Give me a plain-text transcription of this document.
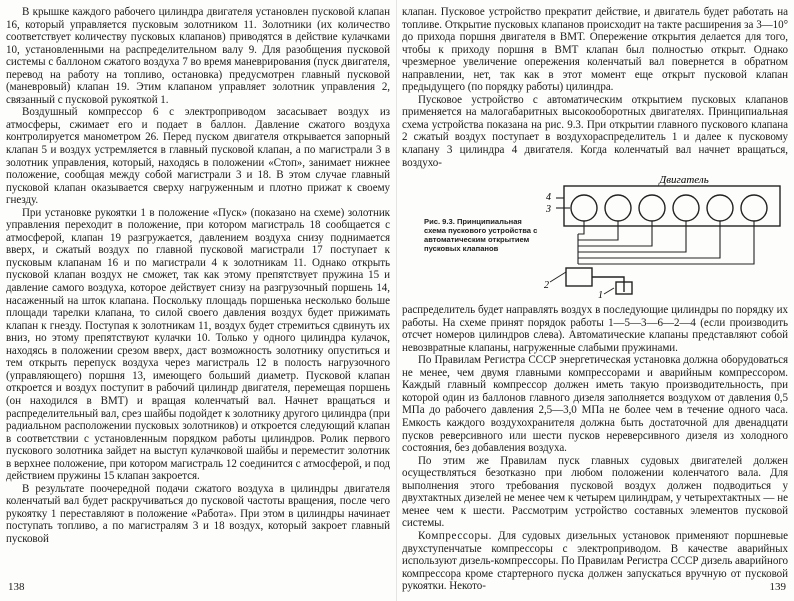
В крышке каждого рабочего цилиндра двигателя установлен пусковой клапан 16, который управляется пусковым золотником 11. Золотники (их количество соответствует количеству пусковых клапанов) приводятся в действие кулачками 10, установленными на распределительном валу 9. Для разобщения пусковой системы с баллоном сжатого воздуха 7 во время маневрирования (пуск двигателя, перевод на работу на топливо, остановка) предусмотрен главный пусковой (маневровый) клапан 19. Этим клапаном управляет золотник управления 2, связанный с пусковой рукояткой 1.

Воздушный компрессор 6 с электроприводом засасывает воздух из атмосферы, сжимает его и подает в баллон. Давление сжатого воздуха контролируется манометром 26. Перед пуском двигателя открывается запорный клапан 5 и воздух устремляется в главный пусковой клапан, а по магистрали 3 в золотник управления, который, находясь в положении «Стоп», занимает нижнее положение, сообщая между собой магистрали 3 и 18. В этом случае главный пусковой клапан оказывается сверху нагруженным и плотно прижат к своему гнезду.

При установке рукоятки 1 в положение «Пуск» (показано на схеме) золотник управления переходит в положение, при котором магистраль 18 сообщается с атмосферой, клапан 19 разгружается, давлением воздуха снизу поднимается вверх, и сжатый воздух по главной пусковой магистрали 17 поступает к пусковым клапанам 16 и по магистрали 4 к золотникам 11. Однако открыть пусковой клапан воздух не сможет, так как этому препятствует пружина 15 и давление самого воздуха, которое действует снизу на разгрузочный поршень 14, насаженный на шток клапана. Поскольку площадь поршенька несколько больше площади тарелки клапана, то силой своего давления воздух будет прижимать клапан к гнезду. Поступая к золотникам 11, воздух будет стремиться сдвинуть их вниз, но этому препятствуют кулачки 10. Только у одного цилиндра кулачок, находясь в положении срезом вверх, даст возможность золотнику опуститься и тем открыть перепуск воздуха через магистраль 12 в полость нагрузочного (управляющего) поршня 13, имеющего больший диаметр. Пусковой клапан откроется и воздух поступит в рабочий цилиндр двигателя, перемещая поршень (он находился в ВМТ) и вращая коленчатый вал. Начнет вращаться и распределительный вал, срез шайбы подойдет к золотнику другого цилиндра (при радиальном расположении пусковых золотников) и откроется следующий клапан в соответствии с установленным порядком работы цилиндров. Ролик первого пускового золотника зайдет на выступ кулачковой шайбы и переместит золотник в верхнее положение, при котором магистраль 12 соединится с атмосферой, и под действием пружины 15 клапан закроется.

В результате поочередной подачи сжатого воздуха в цилиндры двигателя коленчатый вал будет раскручиваться до пусковой частоты вращения, после чего рукоятку 1 переставляют в положение «Работа». При этом в цилиндры начинает поступать топливо, а по магистралям 3 и 18 воздух, который закроет главный пусковой

138

клапан. Пусковое устройство прекратит действие, и двигатель будет работать на топливе. Открытие пусковых клапанов происходит на такте расширения за 3—10° до прихода поршня двигателя в ВМТ. Опережение открытия делается для того, чтобы к приходу поршня в ВМТ клапан был полностью открыт. Однако чрезмерное увеличение опережения коленчатый вал повернется в обратном направлении, нет, так как в этот момент еще открыт пусковой клапан предыдущего (по порядку работы) цилиндра.

Пусковое устройство с автоматическим открытием пусковых клапанов применяется на малогабаритных высокооборотных двигателях. Принципиальная схема устройства показана на рис. 9.3. При открытии главного пускового клапана 2 сжатый воздух поступает в воздухораспределитель 1 и далее к пусковому клапану 3 цилиндра 4 двигателя. Когда коленчатый вал начнет вращаться, воздухо-

Рис. 9.3. Принципиальная схема пускового устройства с автоматическим открытием пусковых клапанов
Двигатель
4
3
2
1

распределитель будет направлять воздух в последующие цилиндры по порядку их работы. На схеме принят порядок работы 1—5—3—6—2—4 (если производить отсчет номеров цилиндров слева). Автоматические клапаны представляют собой невозвратные клапаны, нагруженные слабыми пружинами.

По Правилам Регистра СССР энергетическая установка должна оборудоваться не менее, чем двумя главными компрессорами и аварийным компрессором. Каждый главный компрессор должен иметь такую производительность, при которой один из баллонов главного дизеля заполняется воздухом от давления 0,5 МПа до рабочего давления 2,5—3,0 МПа не более чем в течение одного часа. Емкость каждого воздухохранителя должна быть достаточной для двенадцати пусков реверсивного или шести пусков нереверсивного дизеля из холодного состояния, без добавления воздуха.

По этим же Правилам пуск главных судовых двигателей должен осуществляться безотказно при любом положении коленчатого вала. Для выполнения этого требования пусковой воздух должен подводиться у двухтактных дизелей не менее чем к четырем цилиндрам, у четырехтактных — не менее чем к шести. Рассмотрим устройство составных элементов пусковой системы.

Компрессоры. Для судовых дизельных установок применяют поршневые двухступенчатые компрессоры с электроприводом. В качестве аварийных используют дизель-компрессоры. По Правилам Регистра СССР дизель аварийного компрессора кроме стартерного пуска должен запускаться вручную от пусковой рукоятки. Некото-	139
